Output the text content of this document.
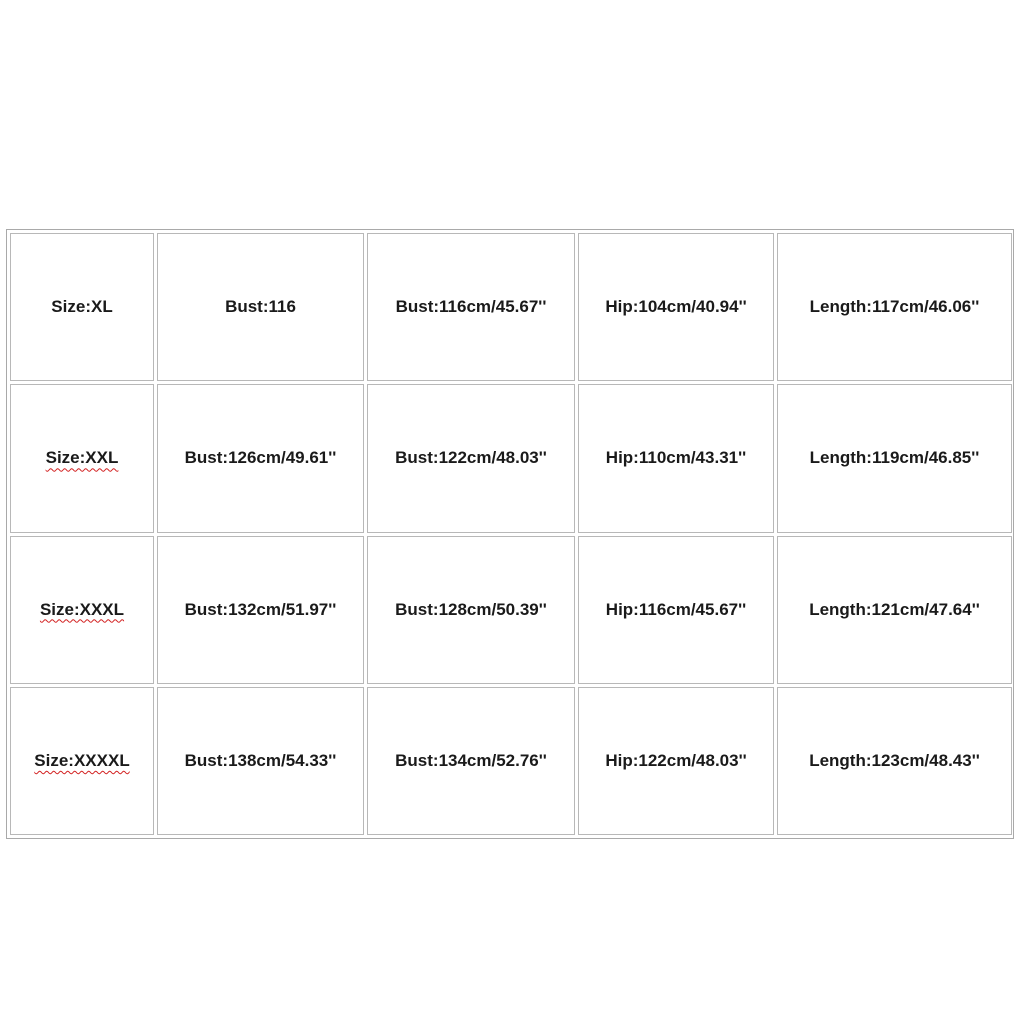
Size:XL	Bust:116	Bust:116cm/45.67''	Hip:104cm/40.94''	Length:117cm/46.06''
Size:XXL	Bust:126cm/49.61''	Bust:122cm/48.03''	Hip:110cm/43.31''	Length:119cm/46.85''
Size:XXXL	Bust:132cm/51.97''	Bust:128cm/50.39''	Hip:116cm/45.67''	Length:121cm/47.64''
Size:XXXXL	Bust:138cm/54.33''	Bust:134cm/52.76''	Hip:122cm/48.03''	Length:123cm/48.43''
